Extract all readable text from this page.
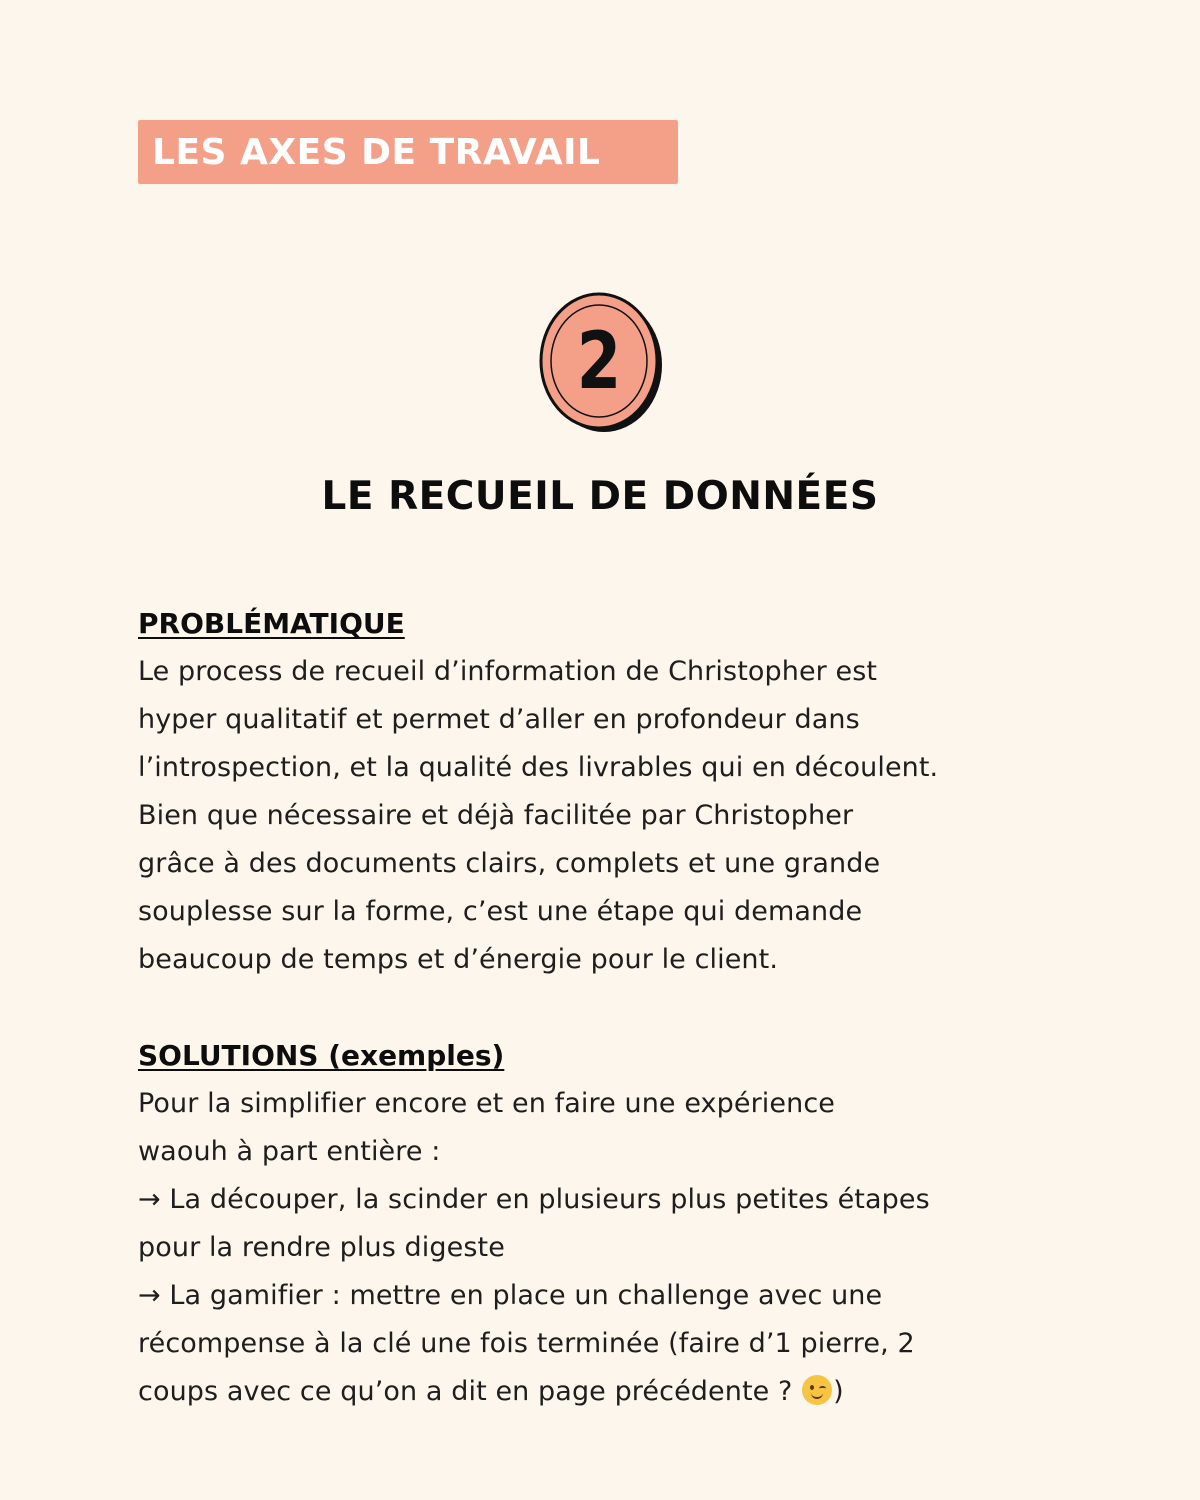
LES AXES DE TRAVAIL
2
LE RECUEIL DE DONNÉES
PROBLÉMATIQUE
Le process de recueil d’information de Christopher est
hyper qualitatif et permet d’aller en profondeur dans
l’introspection, et la qualité des livrables qui en découlent.
Bien que nécessaire et déjà facilitée par Christopher
grâce à des documents clairs, complets et une grande
souplesse sur la forme, c’est une étape qui demande
beaucoup de temps et d’énergie pour le client.
SOLUTIONS (exemples)
Pour la simplifier encore et en faire une expérience
waouh à part entière :
→ La découper, la scinder en plusieurs plus petites étapes
pour la rendre plus digeste
→ La gamifier : mettre en place un challenge avec une
récompense à la clé une fois terminée (faire d’1 pierre, 2
coups avec ce qu’on a dit en page précédente ?
)
